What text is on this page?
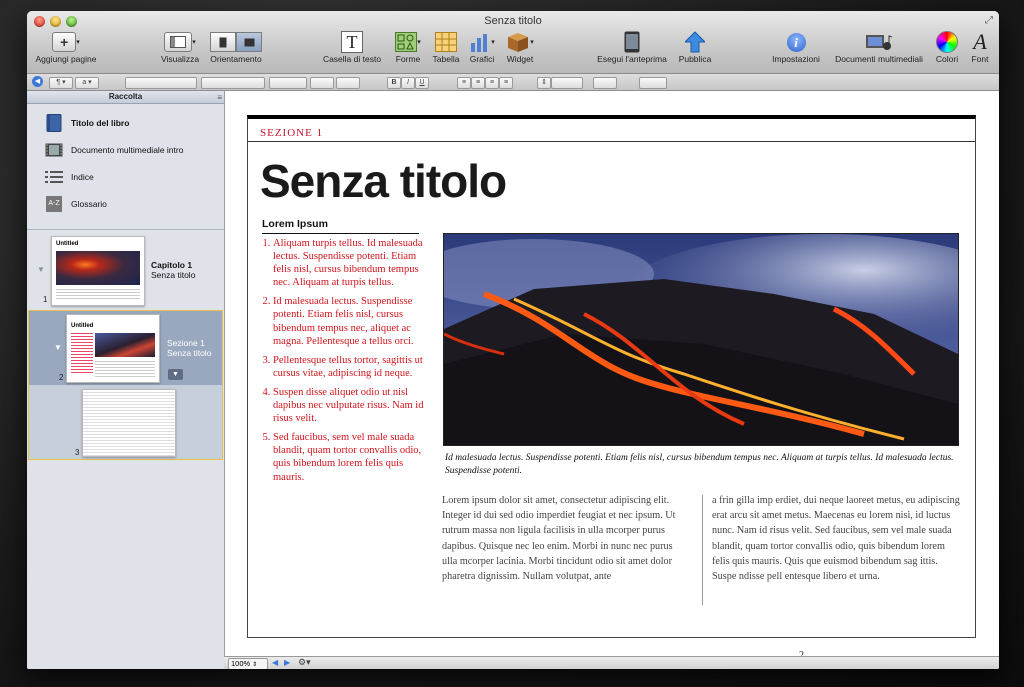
Senza titolo	⤢
+	▾
Aggiungi pagine
▾
Visualizza	Orientamento
T
Casella di testo
▾
Forme	Tabella
▾
Grafici
▾
Widget	Esegui l'anteprima	Pubblica
i
Impostazioni	Documenti multimediali	Colori
A
Font
◀	¶ ▾	a ▾	B	I	U	≡	≡	≡	≡	⇕
Raccolta	≡
Titolo del libro
Documento multimediale intro
Indice
A-Z Glossario
▼
1
Untitled
Capitolo 1
Senza titolo
▼
2
Untitled
Sezione 1
Senza titolo
▼
3
SEZIONE 1
Senza titolo
Lorem Ipsum
1. Aliquam turpis tellus. Id malesuada lectus. Suspendisse potenti. Etiam felis nisl, cursus bibendum tempus nec. Aliquam at turpis tellus.
2. Id malesuada lectus. Suspendisse potenti. Etiam felis nisl, cursus bibendum tempus nec, aliquet ac magna. Pellentesque a tellus orci.
3. Pellentesque tellus tortor, sagittis ut cursus vitae, adipiscing id neque.
4. Suspen disse aliquet odio ut nisl dapibus nec vulputate risus. Nam id risus velit.
5. Sed faucibus, sem vel male suada blandit, quam tortor convallis odio, quis bibendum lorem felis quis mauris.
Id malesuada lectus. Suspendisse potenti. Etiam felis nisl, cursus bibendum tempus nec. Aliquam at turpis tellus. Id malesuada lectus. Suspendisse potenti.
Lorem ipsum dolor sit amet, consectetur adipiscing elit. Integer id dui sed odio imperdiet feugiat et nec ipsum. Ut rutrum massa non ligula facilisis in ulla mcorper purus dapibus. Quisque nec leo enim. Morbi in nunc nec purus ulla mcorper lacinia. Morbi tincidunt odio sit amet dolor pharetra dignissim. Nullam volutpat, ante
a frin gilla imp erdiet, dui neque laoreet metus, eu adipiscing erat arcu sit amet metus. Maecenas eu lorem nisi, id luctus nunc. Nam id risus velit. Sed faucibus, sem vel male suada blandit, quam tortor convallis odio, quis bibendum lorem felis quis mauris. Quis que euismod bibendum sag ittis. Suspe ndisse pell entesque libero et urna.
100% ⇕	◀ ▶ ⚙▾
